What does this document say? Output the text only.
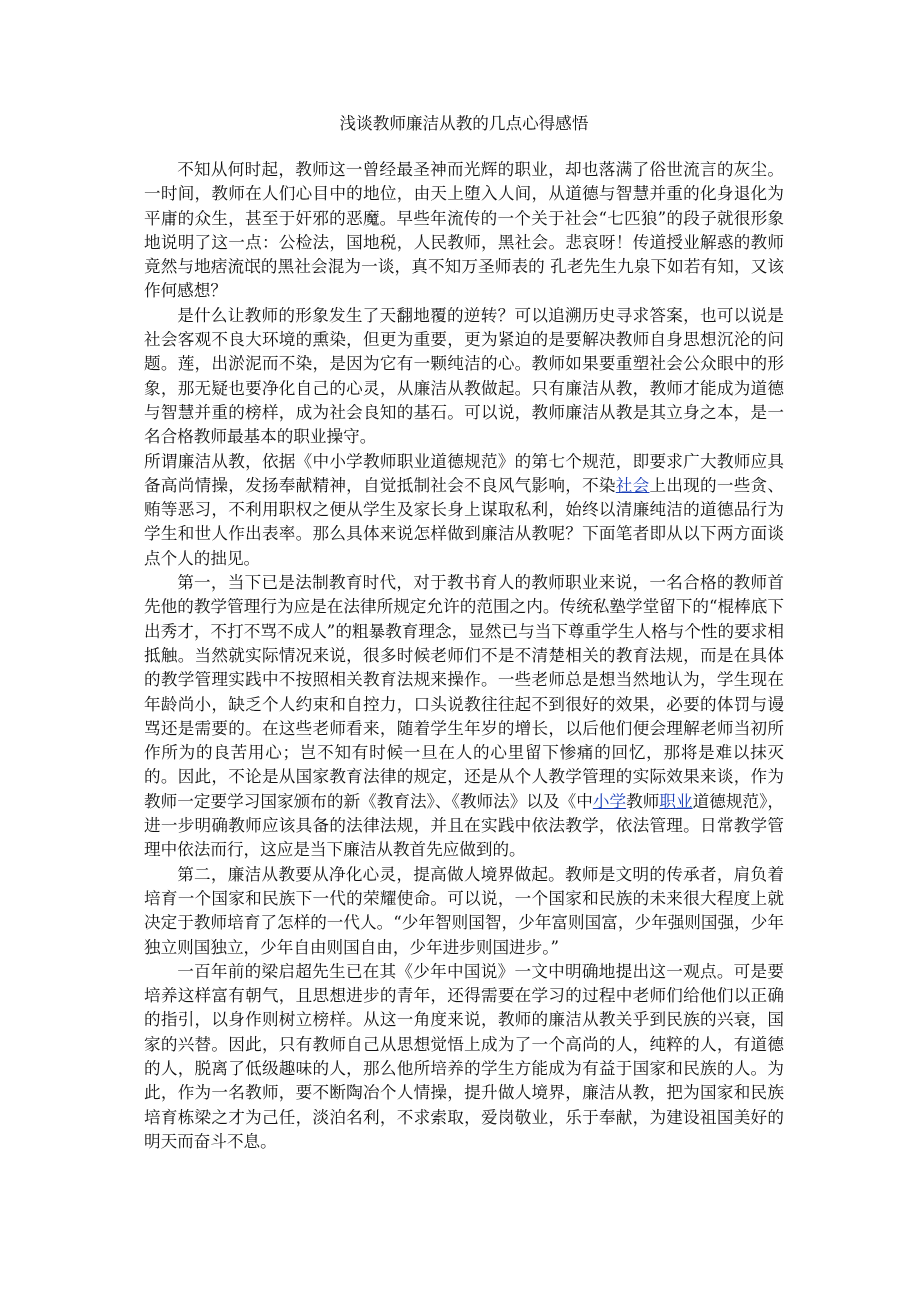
浅谈教师廉洁从教的几点心得感悟

不知从何时起，教师这一曾经最圣神而光辉的职业，却也落满了俗世流言的灰尘。一时间，教师在人们心目中的地位，由天上堕入人间，从道德与智慧并重的化身退化为平庸的众生，甚至于奸邪的恶魔。早些年流传的一个关于社会“七匹狼”的段子就很形象地说明了这一点：公检法，国地税，人民教师，黑社会。悲哀呀！传道授业解惑的教师竟然与地痞流氓的黑社会混为一谈，真不知万圣师表的 孔老先生九泉下如若有知，又该作何感想？

是什么让教师的形象发生了天翻地覆的逆转？可以追溯历史寻求答案，也可以说是社会客观不良大环境的熏染，但更为重要，更为紧迫的是要解决教师自身思想沉沦的问题。莲，出淤泥而不染，是因为它有一颗纯洁的心。教师如果要重塑社会公众眼中的形象，那无疑也要净化自己的心灵，从廉洁从教做起。只有廉洁从教，教师才能成为道德与智慧并重的榜样，成为社会良知的基石。可以说，教师廉洁从教是其立身之本，是一名合格教师最基本的职业操守。

所谓廉洁从教，依据《中小学教师职业道德规范》的第七个规范，即要求广大教师应具备高尚情操，发扬奉献精神，自觉抵制社会不良风气影响，不染社会上出现的一些贪、贿等恶习，不利用职权之便从学生及家长身上谋取私利，始终以清廉纯洁的道德品行为学生和世人作出表率。那么具体来说怎样做到廉洁从教呢？下面笔者即从以下两方面谈点个人的拙见。

第一，当下已是法制教育时代，对于教书育人的教师职业来说，一名合格的教师首先他的教学管理行为应是在法律所规定允许的范围之内。传统私塾学堂留下的“棍棒底下出秀才，不打不骂不成人”的粗暴教育理念，显然已与当下尊重学生人格与个性的要求相抵触。当然就实际情况来说，很多时候老师们不是不清楚相关的教育法规，而是在具体的教学管理实践中不按照相关教育法规来操作。一些老师总是想当然地认为，学生现在年龄尚小，缺乏个人约束和自控力，口头说教往往起不到很好的效果，必要的体罚与谩骂还是需要的。在这些老师看来，随着学生年岁的增长，以后他们便会理解老师当初所作所为的良苦用心；岂不知有时候一旦在人的心里留下惨痛的回忆，那将是难以抹灭的。因此，不论是从国家教育法律的规定，还是从个人教学管理的实际效果来谈，作为教师一定要学习国家颁布的新《教育法》、《教师法》以及《中小学教师职业道德规范》，进一步明确教师应该具备的法律法规，并且在实践中依法教学，依法管理。日常教学管理中依法而行，这应是当下廉洁从教首先应做到的。

第二，廉洁从教要从净化心灵，提高做人境界做起。教师是文明的传承者，肩负着培育一个国家和民族下一代的荣耀使命。可以说，一个国家和民族的未来很大程度上就决定于教师培育了怎样的一代人。“少年智则国智，少年富则国富，少年强则国强，少年独立则国独立，少年自由则国自由，少年进步则国进步。”

一百年前的梁启超先生已在其《少年中国说》一文中明确地提出这一观点。可是要培养这样富有朝气，且思想进步的青年，还得需要在学习的过程中老师们给他们以正确的指引，以身作则树立榜样。从这一角度来说，教师的廉洁从教关乎到民族的兴衰，国家的兴替。因此，只有教师自己从思想觉悟上成为了一个高尚的人，纯粹的人，有道德的人，脱离了低级趣味的人，那么他所培养的学生方能成为有益于国家和民族的人。为此，作为一名教师，要不断陶冶个人情操，提升做人境界，廉洁从教，把为国家和民族培育栋梁之才为己任，淡泊名利，不求索取，爱岗敬业，乐于奉献，为建设祖国美好的明天而奋斗不息。
